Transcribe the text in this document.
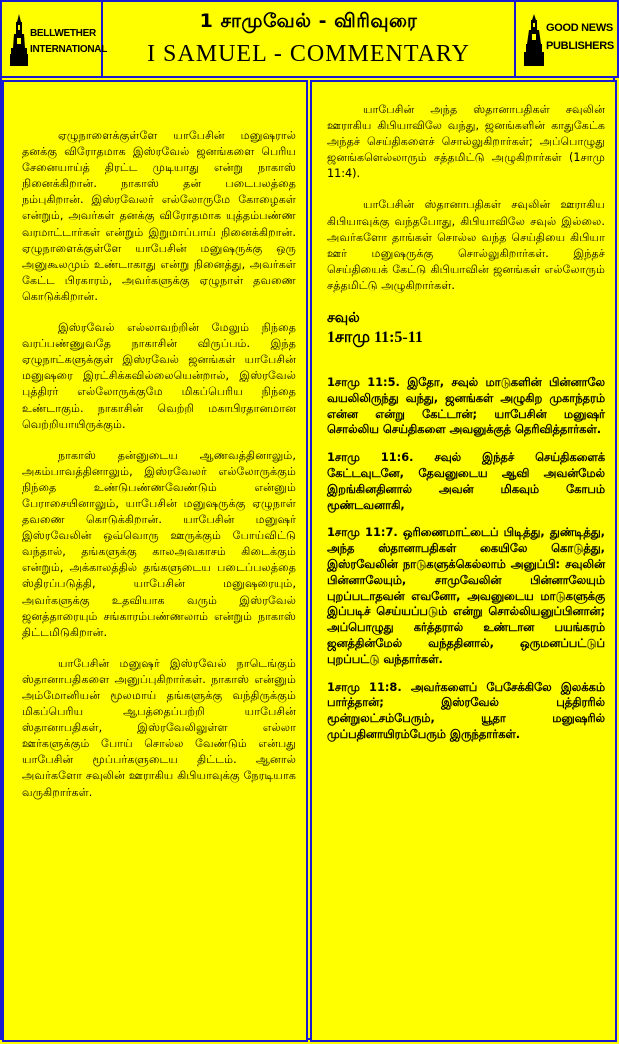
BELLWETHER
INTERNATIONAL
1 சாமுவேல் - விரிவுரை
I SAMUEL - COMMENTARY
GOOD NEWS
PUBLISHERS

ஏழுநாளைக்குள்ளே யாபேசின் மனுஷரால் தனக்கு விரோதமாக இஸ்ரவேல் ஜனங்களை பெரிய சேனையாய்த் திரட்ட முடியாது என்று நாகாஸ் நினைக்கிறான். நாகாஸ் தன் படைபலத்தை நம்புகிறான். இஸ்ரவேலர் எல்லோருமே கோழைகள் என்றும், அவர்கள் தனக்கு விரோதமாக யுத்தம்பண்ண வரமாட்டார்கள் என்றும் இறுமாப்பாய் நினைக்கிறான். ஏழுநாளைக்குள்ளே யாபேசின் மனுஷருக்கு ஒரு அனுகூலமும் உண்டாகாது என்று நினைத்து, அவர்கள் கேட்ட பிரகாரம், அவர்களுக்கு ஏழுநாள் தவணை கொடுக்கிறான்.

இஸ்ரவேல் எல்லாவற்றின் மேலும் நிந்தை வரப்பண்ணுவதே நாகாசின் விருப்பம். இந்த ஏழுநாட்களுக்குள் இஸ்ரவேல் ஜனங்கள் யாபேசின் மனுஷரை இரட்சிக்கவில்லையென்றால், இஸ்ரவேல் புத்திரர் எல்லோருக்குமே மிகப்பெரிய நிந்தை உண்டாகும். நாகாசின் வெற்றி மகாபிரதானமான வெற்றியாயிருக்கும்.

நாகாஸ் தன்னுடைய ஆணவத்தினாலும், அகம்பாவத்தினாலும், இஸ்ரவேலர் எல்லோருக்கும் நிந்தை உண்டுபண்ணவேண்டும் என்னும் பேராசையினாலும், யாபேசின் மனுஷருக்கு ஏழுநாள் தவணை கொடுக்கிறான். யாபேசின் மனுஷர் இஸ்ரவேலின் ஒவ்வொரு ஊருக்கும் போய்விட்டு வந்தால், தங்களுக்கு காலஅவகாசம் கிடைக்கும் என்றும், அக்காலத்தில் தங்களுடைய படைப்பலத்தை ஸ்திரப்படுத்தி, யாபேசின் மனுஷரையும், அவர்களுக்கு உதவியாக வரும் இஸ்ரவேல் ஜனத்தாரையும் சங்காரம்பண்ணலாம் என்றும் நாகாஸ் திட்டமிடுகிறான்.

யாபேசின் மனுஷர் இஸ்ரவேல் நாடெங்கும் ஸ்தானாபதிகளை அனுப்புகிறார்கள். நாகாஸ் என்னும் அம்மோனியன் மூலமாய் தங்களுக்கு வந்திருக்கும் மிகப்பெரிய ஆபத்தைப்பற்றி யாபேசின் ஸ்தானாபதிகள், இஸ்ரவேலிலுள்ள எல்லா ஊர்களுக்கும் போய் சொல்ல வேண்டும் என்பது யாபேசின் மூப்பர்களுடைய திட்டம். ஆனால் அவர்களோ சவுலின் ஊராகிய கிபியாவுக்கு நேரடியாக வருகிறார்கள்.

யாபேசின் அந்த ஸ்தானாபதிகள் சவுலின் ஊராகிய கிபியாவிலே வந்து, ஜனங்களின் காதுகேட்க அந்தச் செய்திகளைச் சொல்லுகிறார்கள்; அப்பொழுது ஜனங்களெல்லாரும் சத்தமிட்டு அழுகிறார்கள் (1சாமு 11:4).

யாபேசின் ஸ்தானாபதிகள் சவுலின் ஊராகிய கிபியாவுக்கு வந்தபோது, கிபியாவிலே சவுல் இல்லை. அவர்களோ தாங்கள் சொல்ல வந்த செய்தியை கிபியா ஊர் மனுஷருக்கு சொல்லுகிறார்கள். இந்தச் செய்தியைக் கேட்டு கிபியாவின் ஜனங்கள் எல்லோரும் சத்தமிட்டு அழுகிறார்கள்.

சவுல்
1சாமு 11:5-11

1சாமு 11:5. இதோ, சவுல் மாடுகளின் பின்னாலே வயலிலிருந்து வந்து, ஜனங்கள் அழுகிற முகாந்தரம் என்ன என்று கேட்டான்; யாபேசின் மனுஷர் சொல்லிய செய்திகளை அவனுக்குத் தெரிவித்தார்கள்.

1சாமு 11:6. சவுல் இந்தச் செய்திகளைக் கேட்டவுடனே, தேவனுடைய ஆவி அவன்மேல் இறங்கினதினால் அவன் மிகவும் கோபம் மூண்டவனாகி,

1சாமு 11:7. ஒரிணைமாட்டைப் பிடித்து, துண்டித்து, அந்த ஸ்தானாபதிகள் கையிலே கொடுத்து, இஸ்ரவேலின் நாடுகளுக்கெல்லாம் அனுப்பி: சவுலின் பின்னாலேயும், சாமுவேலின் பின்னாலேயும் புறப்படாதவன் எவனோ, அவனுடைய மாடுகளுக்கு இப்படிச் செய்யப்படும் என்று சொல்லியனுப்பினான்; அப்பொழுது கர்த்தரால் உண்டான பயங்கரம் ஜனத்தின்மேல் வந்ததினால், ஒருமனப்பட்டுப் புறப்பட்டு வந்தார்கள்.

1சாமு 11:8. அவர்களைப் பேசேக்கிலே இலக்கம் பார்த்தான்; இஸ்ரவேல் புத்திரரில் மூன்றுலட்சம்பேரும், யூதா மனுஷரில் முப்பதினாயிரம்பேரும் இருந்தார்கள்.
